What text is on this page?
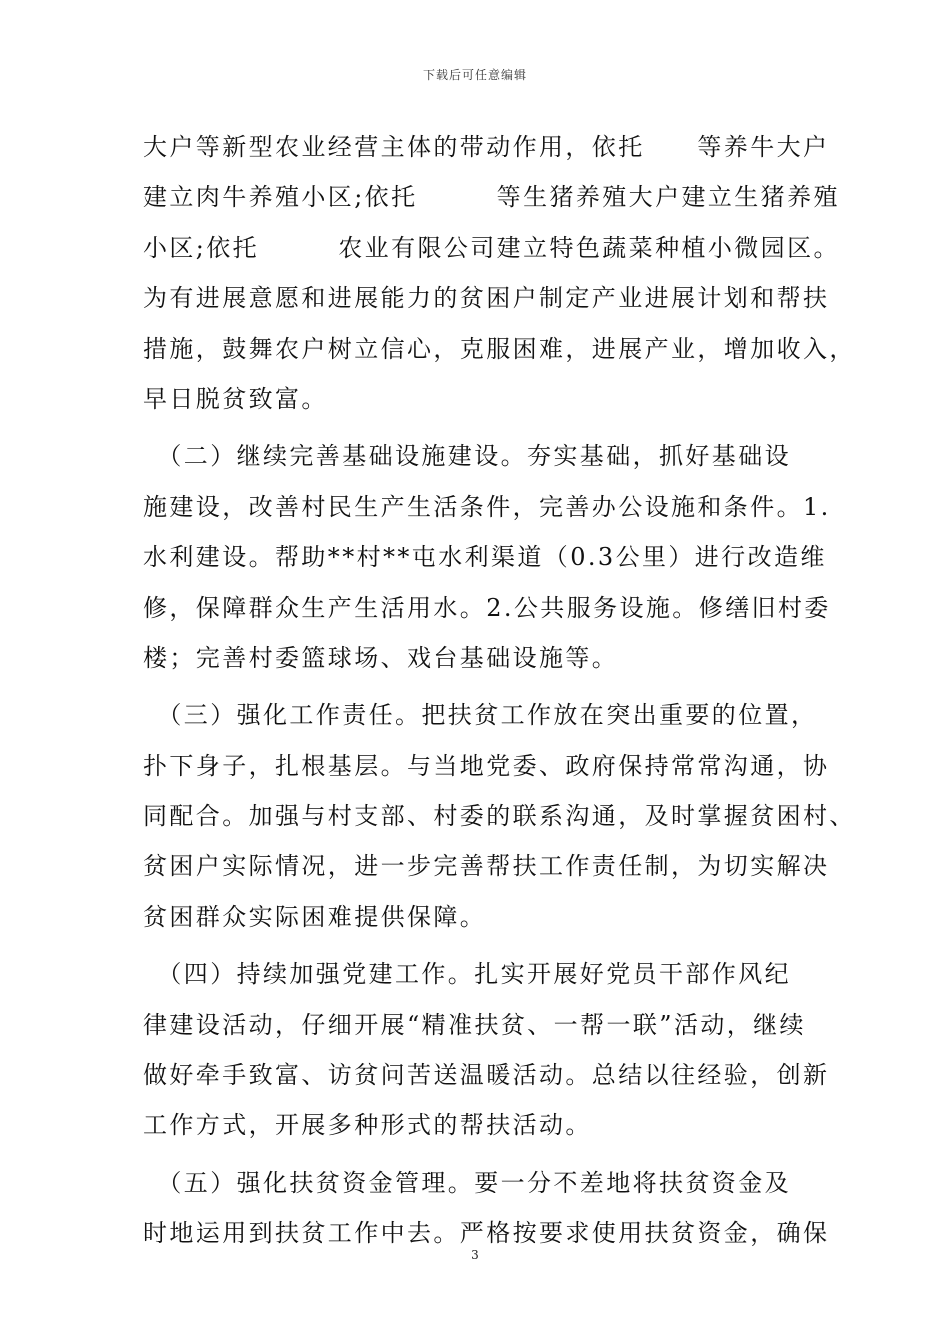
下载后可任意编辑
大户等新型农业经营主体的带动作用，依托　　等养牛大户
建立肉牛养殖小区;依托　　　等生猪养殖大户建立生猪养殖
小区;依托　　　农业有限公司建立特色蔬菜种植小微园区。
为有进展意愿和进展能力的贫困户制定产业进展计划和帮扶
措施，鼓舞农户树立信心，克服困难，进展产业，增加收入，
早日脱贫致富。
　（二）继续完善基础设施建设。夯实基础，抓好基础设
施建设，改善村民生产生活条件，完善办公设施和条件。1.
水利建设。帮助**村**屯水利渠道（0.3公里）进行改造维
修，保障群众生产生活用水。2.公共服务设施。修缮旧村委
楼；完善村委篮球场、戏台基础设施等。
　（三）强化工作责任。把扶贫工作放在突出重要的位置，
扑下身子，扎根基层。与当地党委、政府保持常常沟通，协
同配合。加强与村支部、村委的联系沟通，及时掌握贫困村、
贫困户实际情况，进一步完善帮扶工作责任制，为切实解决
贫困群众实际困难提供保障。
　（四）持续加强党建工作。扎实开展好党员干部作风纪
律建设活动，仔细开展“精准扶贫、一帮一联”活动，继续
做好牵手致富、访贫问苦送温暖活动。总结以往经验，创新
工作方式，开展多种形式的帮扶活动。
　（五）强化扶贫资金管理。要一分不差地将扶贫资金及
时地运用到扶贫工作中去。严格按要求使用扶贫资金，确保
3
